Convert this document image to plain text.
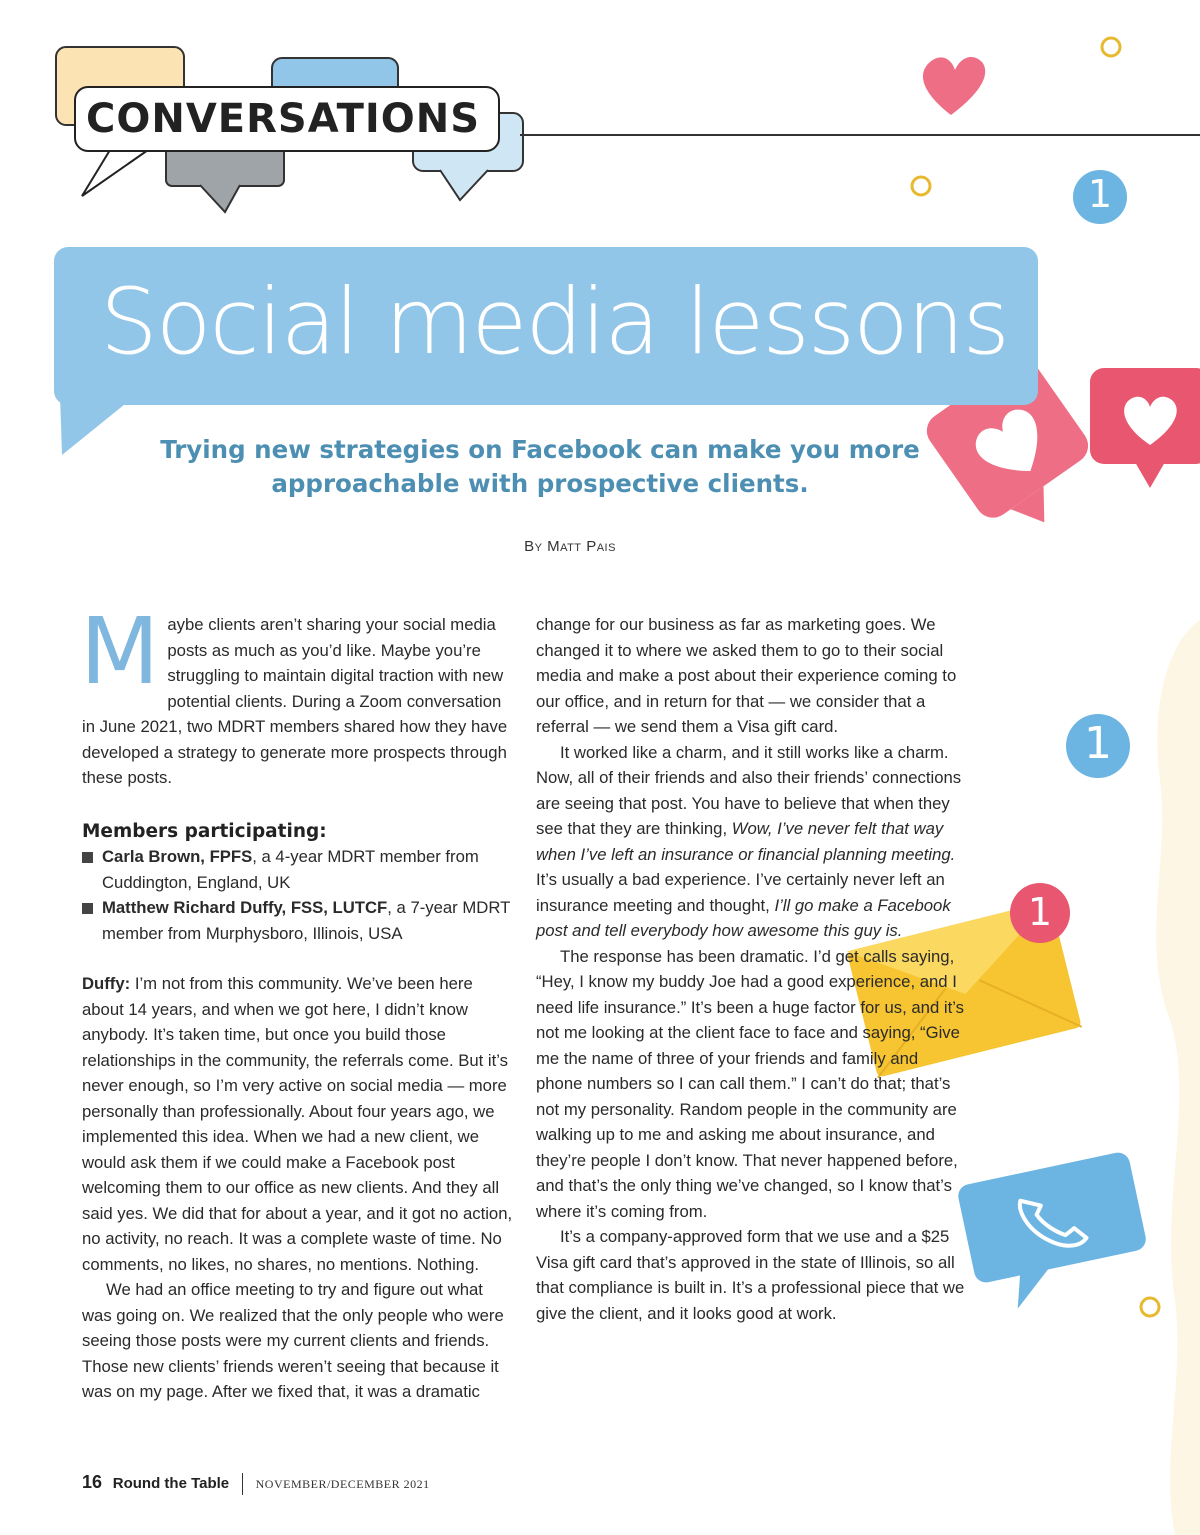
1
1
1
CONVERSATIONS
Social media lessons
Trying new strategies on Facebook can make you more approachable with prospective clients.
By Matt Pais

Maybe clients aren’t sharing your social media posts as much as you’d like. Maybe you’re struggling to maintain digital traction with new potential clients. During a Zoom conversation in June 2021, two MDRT members shared how they have developed a strategy to generate more prospects through these posts.

Members participating:
Carla Brown, FPFS, a 4-year MDRT member from Cuddington, England, UK
Matthew Richard Duffy, FSS, LUTCF, a 7-year MDRT member from Murphysboro, Illinois, USA

Duffy: I’m not from this community. We’ve been here about 14 years, and when we got here, I didn’t know anybody. It’s taken time, but once you build those relationships in the community, the referrals come. But it’s never enough, so I’m very active on social media — more personally than professionally. About four years ago, we implemented this idea. When we had a new client, we would ask them if we could make a Facebook post welcoming them to our office as new clients. And they all said yes. We did that for about a year, and it got no action, no activity, no reach. It was a complete waste of time. No comments, no likes, no shares, no mentions. Nothing.

We had an office meeting to try and figure out what was going on. We realized that the only people who were seeing those posts were my current clients and friends. Those new clients’ friends weren’t seeing that because it was on my page. After we fixed that, it was a dramatic

change for our business as far as marketing goes. We changed it to where we asked them to go to their social media and make a post about their experience coming to our office, and in return for that — we consider that a referral — we send them a Visa gift card.

It worked like a charm, and it still works like a charm. Now, all of their friends and also their friends’ connections are seeing that post. You have to believe that when they see that they are thinking, Wow, I’ve never felt that way when I’ve left an insurance or financial planning meeting. It’s usually a bad experience. I’ve certainly never left an insurance meeting and thought, I’ll go make a Facebook post and tell everybody how awesome this guy is.

The response has been dramatic. I’d get calls saying, “Hey, I know my buddy Joe had a good experience, and I need life insurance.” It’s been a huge factor for us, and it’s not me looking at the client face to face and saying, “Give me the name of three of your friends and family and phone numbers so I can call them.” I can’t do that; that’s not my personality. Random people in the community are walking up to me and asking me about insurance, and they’re people I don’t know. That never happened before, and that’s the only thing we’ve changed, so I know that’s where it’s coming from.

It’s a company-approved form that we use and a $25 Visa gift card that’s approved in the state of Illinois, so all that compliance is built in. It’s a professional piece that we give the client, and it looks good at work.

16 Round the Table NOVEMBER/DECEMBER 2021
